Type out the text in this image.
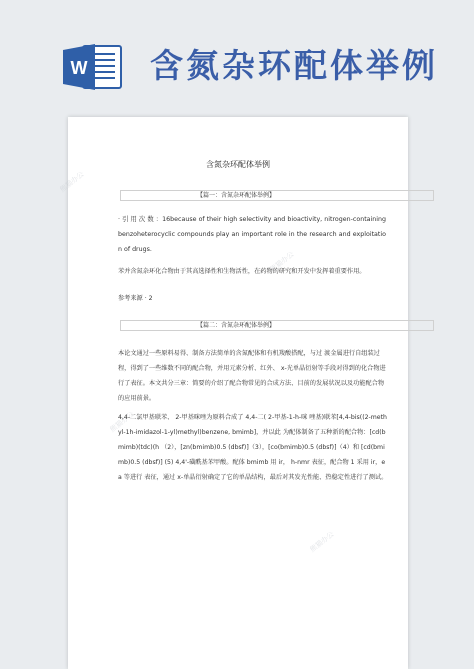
W 含氮杂环配体举例
熊猫办公
熊猫办公
熊猫办公
熊猫办公
含氮杂环配体举例
【篇一：含氮杂环配体举例】
· 引 用 次 数 ：16because of their high selectivity and bioactivity, nitrogen-containing benzoheterocyclic compounds play an important role in the research and exploitation of drugs.
苯并含氮杂环化合物由于其高选择性和生物活性，在药物的研究和开发中发挥着重要作用。
参考来源 · 2
【篇二：含氮杂环配体举例】
本论文通过一些原料易得、制备方法简单的含氮配体和有机羧酸搭配，与过 渡金属进行自组装过程，得到了一些维数不同的配合物，并用元素分析、红外、 x-光单晶衍射等手段对得到的化合物进行了表征。本文共分三章：简要的介绍了配合物常见的合成方法、目前的发展状况以及功能配合物的应用前景。
4,4-二氯甲基联苯、 2-甲基咪唑为原料合成了 4,4-二( 2-甲基-1-h-咪 唑基)联苯[4,4-bis((2-methyl-1h-imidazol-1-yl)methyl)benzene, bmimb]，并以此 为配体制备了五种新的配合物：[cd(bmimb)(tdc)(h （2），[zn(bmimb)0.5 (dbsf)]（3），[co(bmimb)0.5 (dbsf)]（4）和 [cd(bmimb)0.5 (dbsf)] (5) 4,4'-磺酰基苯甲酸。配体 bmimb 用 ir， h-nmr 表征，配合物 1 采用 ir，ea 等进行 表征，通过 x-单晶衍射确定了它的单晶结构，最后对其发光性能、热稳定性进行了测试。
